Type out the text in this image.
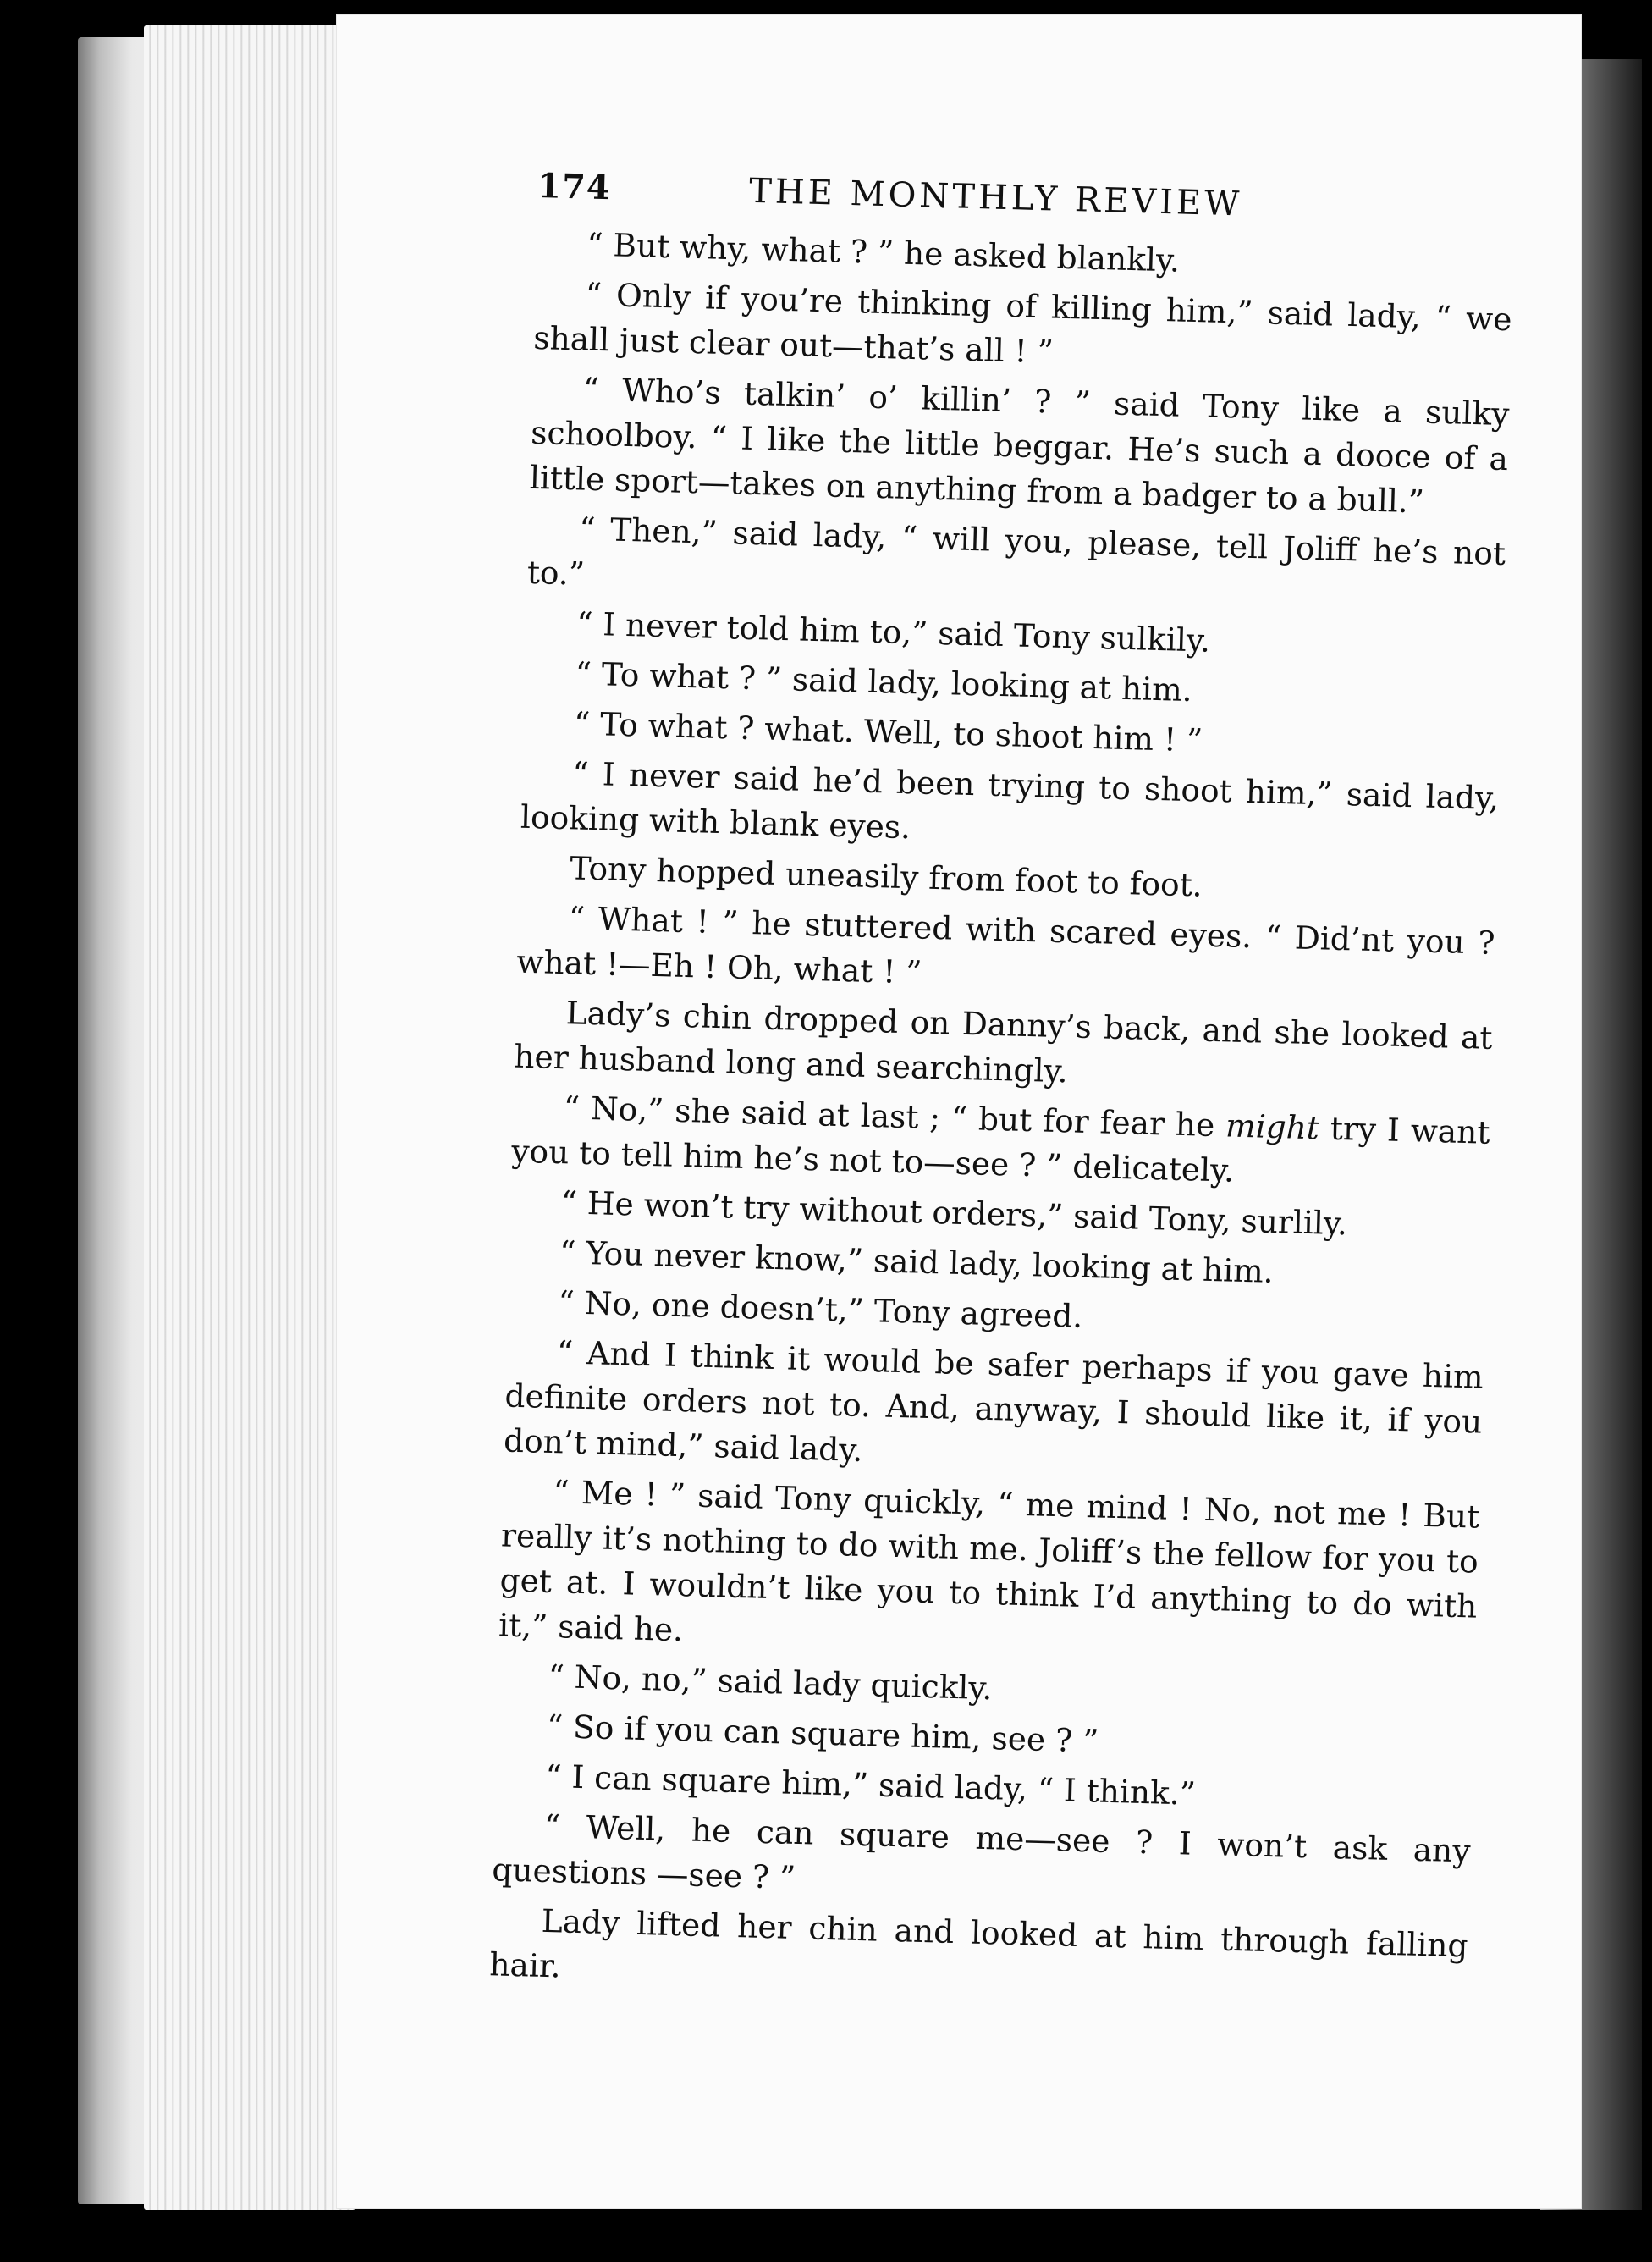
174	THE MONTHLY REVIEW

“ But why, what ? ” he asked blankly.

“ Only if you’re thinking of killing him,” said lady, “ we shall just clear out—that’s all ! ”

“ Who’s talkin’ o’ killin’ ? ” said Tony like a sulky schoolboy. “ I like the little beggar. He’s such a dooce of a little sport—takes on anything from a badger to a bull.”

“ Then,” said lady, “ will you, please, tell Joliff he’s not to.”

“ I never told him to,” said Tony sulkily.

“ To what ? ” said lady, looking at him.

“ To what ? what. Well, to shoot him ! ”

“ I never said he’d been trying to shoot him,” said lady, looking with blank eyes.

Tony hopped uneasily from foot to foot.

“ What ! ” he stuttered with scared eyes. “ Did’nt you ? what !—Eh ! Oh, what ! ”

Lady’s chin dropped on Danny’s back, and she looked at her husband long and searchingly.

“ No,” she said at last ; “ but for fear he might try I want you to tell him he’s not to—see ? ” delicately.

“ He won’t try without orders,” said Tony, surlily.

“ You never know,” said lady, looking at him.

“ No, one doesn’t,” Tony agreed.

“ And I think it would be safer perhaps if you gave him definite orders not to. And, anyway, I should like it, if you don’t mind,” said lady.

“ Me ! ” said Tony quickly, “ me mind ! No, not me ! But really it’s nothing to do with me. Joliff’s the fellow for you to get at. I wouldn’t like you to think I’d anything to do with it,” said he.

“ No, no,” said lady quickly.

“ So if you can square him, see ? ”

“ I can square him,” said lady, “ I think.”

“ Well, he can square me—see ? I won’t ask any questions —see ? ”

Lady lifted her chin and looked at him through falling hair.
